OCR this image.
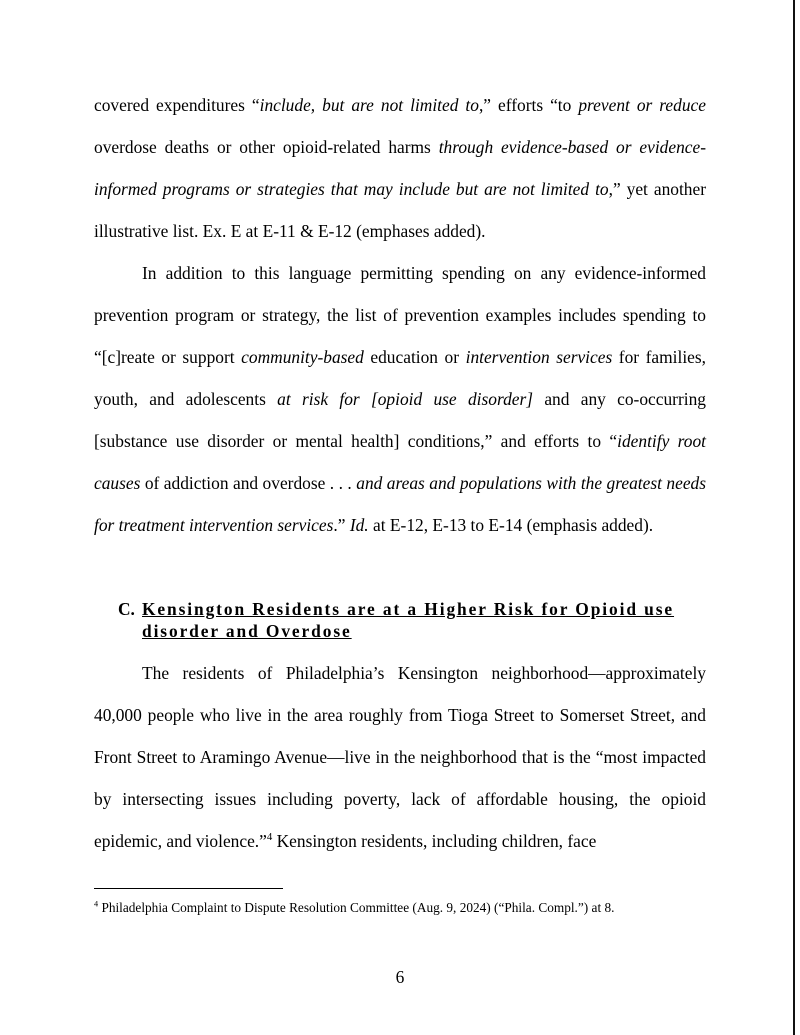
covered expenditures “include, but are not limited to,” efforts “to prevent or reduce overdose deaths or other opioid-related harms through evidence-based or evidence-informed programs or strategies that may include but are not limited to,” yet another illustrative list. Ex. E at E-11 & E-12 (emphases added).

In addition to this language permitting spending on any evidence-informed prevention program or strategy, the list of prevention examples includes spending to “[c]reate or support community-based education or intervention services for families, youth, and adolescents at risk for [opioid use disorder] and any co-occurring [substance use disorder or mental health] conditions,” and efforts to “identify root causes of addiction and overdose . . . and areas and populations with the greatest needs for treatment intervention services.” Id. at E-12, E-13 to E-14 (emphasis added).

C. Kensington Residents are at a Higher Risk for Opioid use disorder and Overdose

The residents of Philadelphia’s Kensington neighborhood—approximately 40,000 people who live in the area roughly from Tioga Street to Somerset Street, and Front Street to Aramingo Avenue—live in the neighborhood that is the “most impacted by intersecting issues including poverty, lack of affordable housing, the opioid epidemic, and violence.”$^4$ Kensington residents, including children, face

$^4$ Philadelphia Complaint to Dispute Resolution Committee (Aug. 9, 2024) (“Phila. Compl.”) at 8.

6
